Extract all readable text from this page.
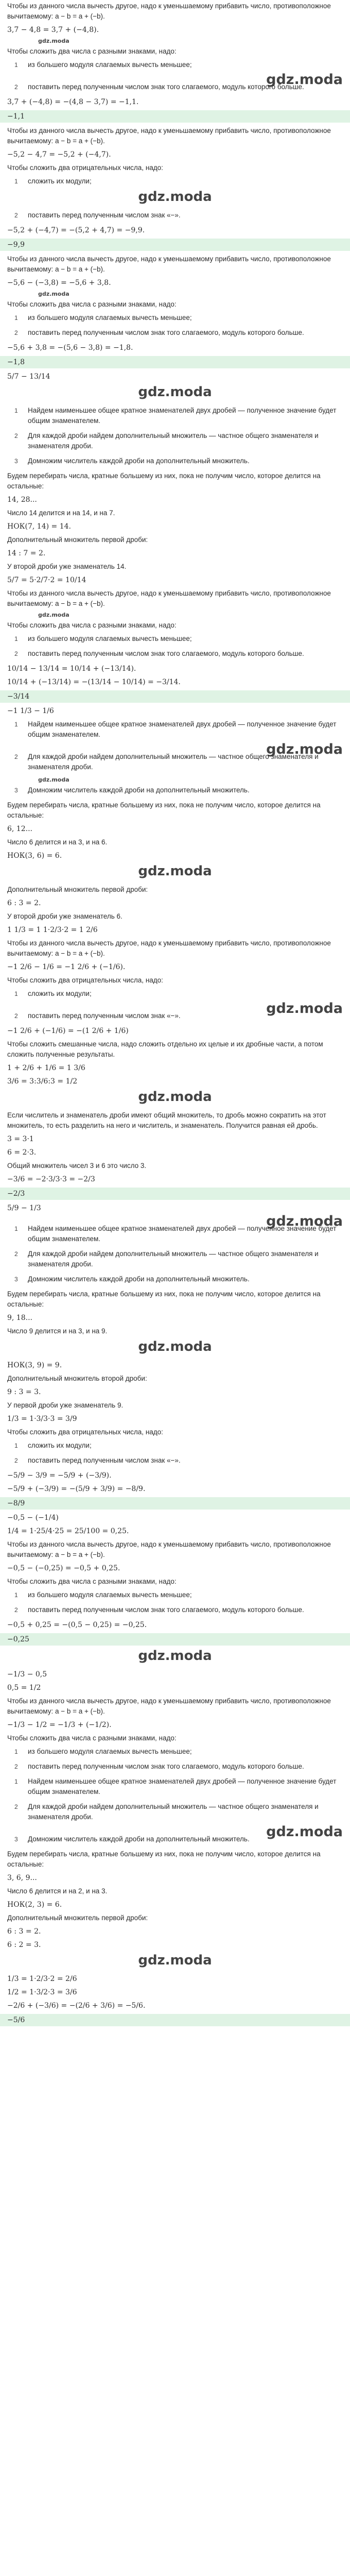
Чтобы из данного числа вычесть другое, надо к уменьшаемому прибавить число, противоположное вычитаемому: a − b = a + (−b).
3,7 − 4,8 = 3,7 + (−4,8).
gdz.moda
Чтобы сложить два числа с разными знаками, надо:
1 из большего модуля слагаемых вычесть меньшее;
gdz.moda
2 поставить перед полученным числом знак того слагаемого, модуль которого больше.
3,7 + (−4,8) = −(4,8 − 3,7) = −1,1.
−1,1
Чтобы из данного числа вычесть другое, надо к уменьшаемому прибавить число, противоположное вычитаемому: a − b = a + (−b).
−5,2 − 4,7 = −5,2 + (−4,7).
Чтобы сложить два отрицательных числа, надо:
1 сложить их модули;
gdz.moda
2 поставить перед полученным числом знак «−».
−5,2 + (−4,7) = −(5,2 + 4,7) = −9,9.
−9,9
Чтобы из данного числа вычесть другое, надо к уменьшаемому прибавить число, противоположное вычитаемому: a − b = a + (−b).
−5,6 − (−3,8) = −5,6 + 3,8.
gdz.moda
Чтобы сложить два числа с разными знаками, надо:
1 из большего модуля слагаемых вычесть меньшее;
2 поставить перед полученным числом знак того слагаемого, модуль которого больше.
−5,6 + 3,8 = −(5,6 − 3,8) = −1,8.
−1,8
5/7 − 13/14
gdz.moda
1 Найдем наименьшее общее кратное знаменателей двух дробей — полученное значение будет общим знаменателем.
2 Для каждой дроби найдем дополнительный множитель — частное общего знаменателя и знаменателя дроби.
3 Домножим числитель каждой дроби на дополнительный множитель.
Будем перебирать числа, кратные большему из них, пока не получим число, которое делится на остальные:
14, 28...
Число 14 делится и на 14, и на 7.
НОК(7, 14) = 14.
Дополнительный множитель первой дроби:
14 : 7 = 2.
У второй дроби уже знаменатель 14.
5/7 = 5·2/7·2 = 10/14
Чтобы из данного числа вычесть другое, надо к уменьшаемому прибавить число, противоположное вычитаемому: a − b = a + (−b).
gdz.moda
Чтобы сложить два числа с разными знаками, надо:
1 из большего модуля слагаемых вычесть меньшее;
2 поставить перед полученным числом знак того слагаемого, модуль которого больше.
10/14 − 13/14 = 10/14 + (−13/14).
10/14 + (−13/14) = −(13/14 − 10/14) = −3/14.
−3/14
−1 1/3 − 1/6
1 Найдем наименьшее общее кратное знаменателей двух дробей — полученное значение будет общим знаменателем.
gdz.moda
2 Для каждой дроби найдем дополнительный множитель — частное общего знаменателя и знаменателя дроби.
gdz.moda
3 Домножим числитель каждой дроби на дополнительный множитель.
Будем перебирать числа, кратные большему из них, пока не получим число, которое делится на остальные:
6, 12...
Число 6 делится и на 3, и на 6.
НОК(3, 6) = 6.
gdz.moda
Дополнительный множитель первой дроби:
6 : 3 = 2.
У второй дроби уже знаменатель 6.
1 1/3 = 1 1·2/3·2 = 1 2/6
Чтобы из данного числа вычесть другое, надо к уменьшаемому прибавить число, противоположное вычитаемому: a − b = a + (−b).
−1 2/6 − 1/6 = −1 2/6 + (−1/6).
Чтобы сложить два отрицательных числа, надо:
1 сложить их модули;
gdz.moda
2 поставить перед полученным числом знак «−».
−1 2/6 + (−1/6) = −(1 2/6 + 1/6)
Чтобы сложить смешанные числа, надо сложить отдельно их целые и их дробные части, а потом сложить полученные результаты.
1 + 2/6 + 1/6 = 1 3/6
3/6 = 3:3/6:3 = 1/2
gdz.moda
Если числитель и знаменатель дроби имеют общий множитель, то дробь можно сократить на этот множитель, то есть разделить на него и числитель, и знаменатель. Получится равная ей дробь.
3 = 3·1
6 = 2·3.
Общий множитель чисел 3 и 6 это число 3.
−3/6 = −2·3/3·3 = −2/3
−2/3
5/9 − 1/3
gdz.moda
1 Найдем наименьшее общее кратное знаменателей двух дробей — полученное значение будет общим знаменателем.
2 Для каждой дроби найдем дополнительный множитель — частное общего знаменателя и знаменателя дроби.
3 Домножим числитель каждой дроби на дополнительный множитель.
Будем перебирать числа, кратные большему из них, пока не получим число, которое делится на остальные:
9, 18...
Число 9 делится и на 3, и на 9.
gdz.moda
НОК(3, 9) = 9.
Дополнительный множитель второй дроби:
9 : 3 = 3.
У первой дроби уже знаменатель 9.
1/3 = 1·3/3·3 = 3/9
Чтобы сложить два отрицательных числа, надо:
1 сложить их модули;
2 поставить перед полученным числом знак «−».
−5/9 − 3/9 = −5/9 + (−3/9).
−5/9 + (−3/9) = −(5/9 + 3/9) = −8/9.
−8/9
−0,5 − (−1/4)
1/4 = 1·25/4·25 = 25/100 = 0,25.
Чтобы из данного числа вычесть другое, надо к уменьшаемому прибавить число, противоположное вычитаемому: a − b = a + (−b).
−0,5 − (−0,25) = −0,5 + 0,25.
Чтобы сложить два числа с разными знаками, надо:
1 из большего модуля слагаемых вычесть меньшее;
2 поставить перед полученным числом знак того слагаемого, модуль которого больше.
−0,5 + 0,25 = −(0,5 − 0,25) = −0,25.
−0,25
gdz.moda
−1/3 − 0,5
0,5 = 1/2
Чтобы из данного числа вычесть другое, надо к уменьшаемому прибавить число, противоположное вычитаемому: a − b = a + (−b).
−1/3 − 1/2 = −1/3 + (−1/2).
Чтобы сложить два числа с разными знаками, надо:
1 из большего модуля слагаемых вычесть меньшее;
2 поставить перед полученным числом знак того слагаемого, модуль которого больше.
1 Найдем наименьшее общее кратное знаменателей двух дробей — полученное значение будет общим знаменателем.
2 Для каждой дроби найдем дополнительный множитель — частное общего знаменателя и знаменателя дроби.
gdz.moda
3 Домножим числитель каждой дроби на дополнительный множитель.
Будем перебирать числа, кратные большему из них, пока не получим число, которое делится на остальные:
3, 6, 9...
Число 6 делится и на 2, и на 3.
НОК(2, 3) = 6.
Дополнительный множитель первой дроби:
6 : 3 = 2.
6 : 2 = 3.
gdz.moda
1/3 = 1·2/3·2 = 2/6
1/2 = 1·3/2·3 = 3/6
−2/6 + (−3/6) = −(2/6 + 3/6) = −5/6.
−5/6
